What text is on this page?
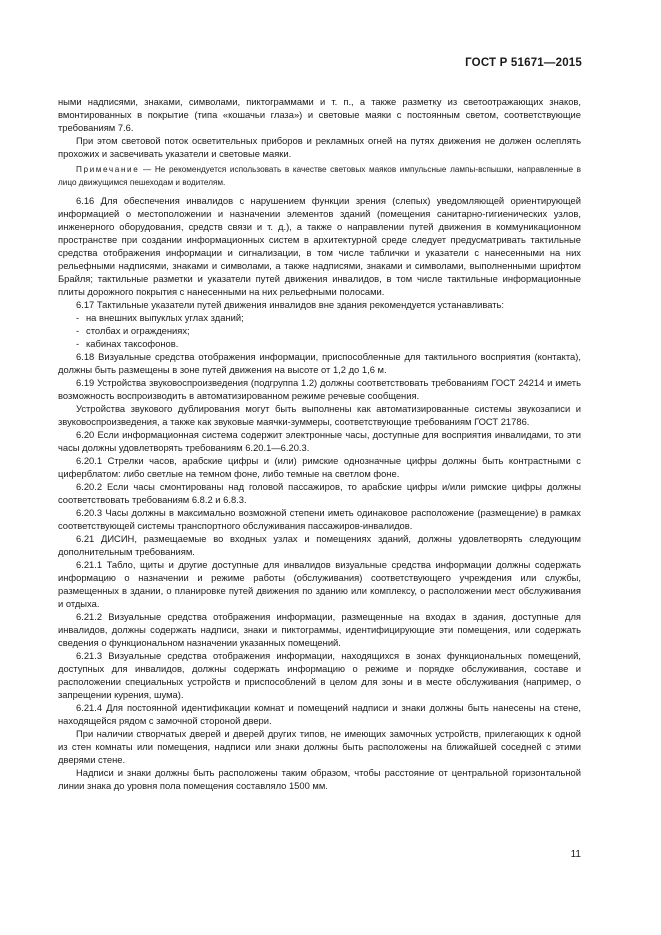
ГОСТ Р 51671—2015

ными надписями, знаками, символами, пиктограммами и т. п., а также разметку из светоотражающих знаков, вмонтированных в покрытие (типа «кошачьи глаза») и световые маяки с постоянным светом, соответствующие требованиям 7.6.

При этом световой поток осветительных приборов и рекламных огней на путях движения не должен ослеплять прохожих и засвечивать указатели и световые маяки.

Примечание — Не рекомендуется использовать в качестве световых маяков импульсные лампы-вспышки, направленные в лицо движущимся пешеходам и водителям.

6.16 Для обеспечения инвалидов с нарушением функции зрения (слепых) уведомляющей ориентирующей информацией о местоположении и назначении элементов зданий (помещения санитарно-гигиенических узлов, инженерного оборудования, средств связи и т. д.), а также о направлении путей движения в коммуникационном пространстве при создании информационных систем в архитектурной среде следует предусматривать тактильные средства отображения информации и сигнализации, в том числе таблички и указатели с нанесенными на них рельефными надписями, знаками и символами, а также надписями, знаками и символами, выполненными шрифтом Брайля; тактильные разметки и указатели путей движения инвалидов, в том числе тактильные информационные плиты дорожного покрытия с нанесенными на них рельефными полосами.

6.17 Тактильные указатели путей движения инвалидов вне здания рекомендуется устанавливать:

- на внешних выпуклых углах зданий;

- столбах и ограждениях;

- кабинах таксофонов.

6.18 Визуальные средства отображения информации, приспособленные для тактильного восприятия (контакта), должны быть размещены в зоне путей движения на высоте от 1,2 до 1,6 м.

6.19 Устройства звуковоспроизведения (подгруппа 1.2) должны соответствовать требованиям ГОСТ 24214 и иметь возможность воспроизводить в автоматизированном режиме речевые сообщения.

Устройства звукового дублирования могут быть выполнены как автоматизированные системы звукозаписи и звуковоспроизведения, а также как звуковые маячки-зуммеры, соответствующие требованиям ГОСТ 21786.

6.20 Если информационная система содержит электронные часы, доступные для восприятия инвалидами, то эти часы должны удовлетворять требованиям 6.20.1—6.20.3.

6.20.1 Стрелки часов, арабские цифры и (или) римские однозначные цифры должны быть контрастными с циферблатом: либо светлые на темном фоне, либо темные на светлом фоне.

6.20.2 Если часы смонтированы над головой пассажиров, то арабские цифры и/или римские цифры должны соответствовать требованиям 6.8.2 и 6.8.3.

6.20.3 Часы должны в максимально возможной степени иметь одинаковое расположение (размещение) в рамках соответствующей системы транспортного обслуживания пассажиров-инвалидов.

6.21 ДИСИН, размещаемые во входных узлах и помещениях зданий, должны удовлетворять следующим дополнительным требованиям.

6.21.1 Табло, щиты и другие доступные для инвалидов визуальные средства информации должны содержать информацию о назначении и режиме работы (обслуживания) соответствующего учреждения или службы, размещенных в здании, о планировке путей движения по зданию или комплексу, о расположении мест обслуживания и отдыха.

6.21.2 Визуальные средства отображения информации, размещенные на входах в здания, доступные для инвалидов, должны содержать надписи, знаки и пиктограммы, идентифицирующие эти помещения, или содержать сведения о функциональном назначении указанных помещений.

6.21.3 Визуальные средства отображения информации, находящихся в зонах функциональных помещений, доступных для инвалидов, должны содержать информацию о режиме и порядке обслуживания, составе и расположении специальных устройств и приспособлений в целом для зоны и в месте обслуживания (например, о запрещении курения, шума).

6.21.4 Для постоянной идентификации комнат и помещений надписи и знаки должны быть нанесены на стене, находящейся рядом с замочной стороной двери.

При наличии створчатых дверей и дверей других типов, не имеющих замочных устройств, прилегающих к одной из стен комнаты или помещения, надписи или знаки должны быть расположены на ближайшей соседней с этими дверями стене.

Надписи и знаки должны быть расположены таким образом, чтобы расстояние от центральной горизонтальной линии знака до уровня пола помещения составляло 1500 мм.

11
